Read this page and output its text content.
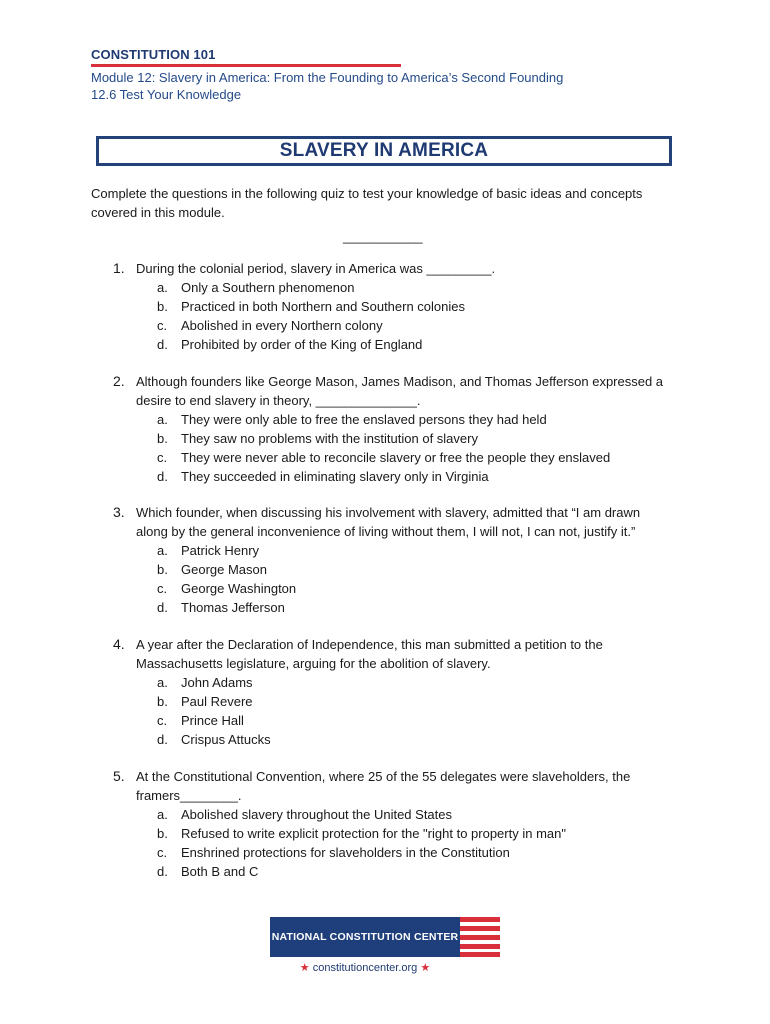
CONSTITUTION 101
Module 12: Slavery in America: From the Founding to America’s Second Founding
12.6 Test Your Knowledge
SLAVERY IN AMERICA
Complete the questions in the following quiz to test your knowledge of basic ideas and concepts covered in this module.
___________
1. During the colonial period, slavery in America was _________.
a.	Only a Southern phenomenon
b.	Practiced in both Northern and Southern colonies
c.	Abolished in every Northern colony
d.	Prohibited by order of the King of England
2. Although founders like George Mason, James Madison, and Thomas Jefferson expressed a desire to end slavery in theory, ______________.
a.	They were only able to free the enslaved persons they had held
b.	They saw no problems with the institution of slavery
c.	They were never able to reconcile slavery or free the people they enslaved
d.	They succeeded in eliminating slavery only in Virginia
3. Which founder, when discussing his involvement with slavery, admitted that “I am drawn along by the general inconvenience of living without them, I will not, I can not, justify it.”
a.	Patrick Henry
b.	George Mason
c.	George Washington
d.	Thomas Jefferson
4. A year after the Declaration of Independence, this man submitted a petition to the Massachusetts legislature, arguing for the abolition of slavery.
a.	John Adams
b.	Paul Revere
c.	Prince Hall
d.	Crispus Attucks
5. At the Constitutional Convention, where 25 of the 55 delegates were slaveholders, the framers________.
a.	Abolished slavery throughout the United States
b.	Refused to write explicit protection for the "right to property in man"
c.	Enshrined protections for slaveholders in the Constitution
d.	Both B and C
NATIONAL CONSTITUTION CENTER
★ constitutioncenter.org ★
